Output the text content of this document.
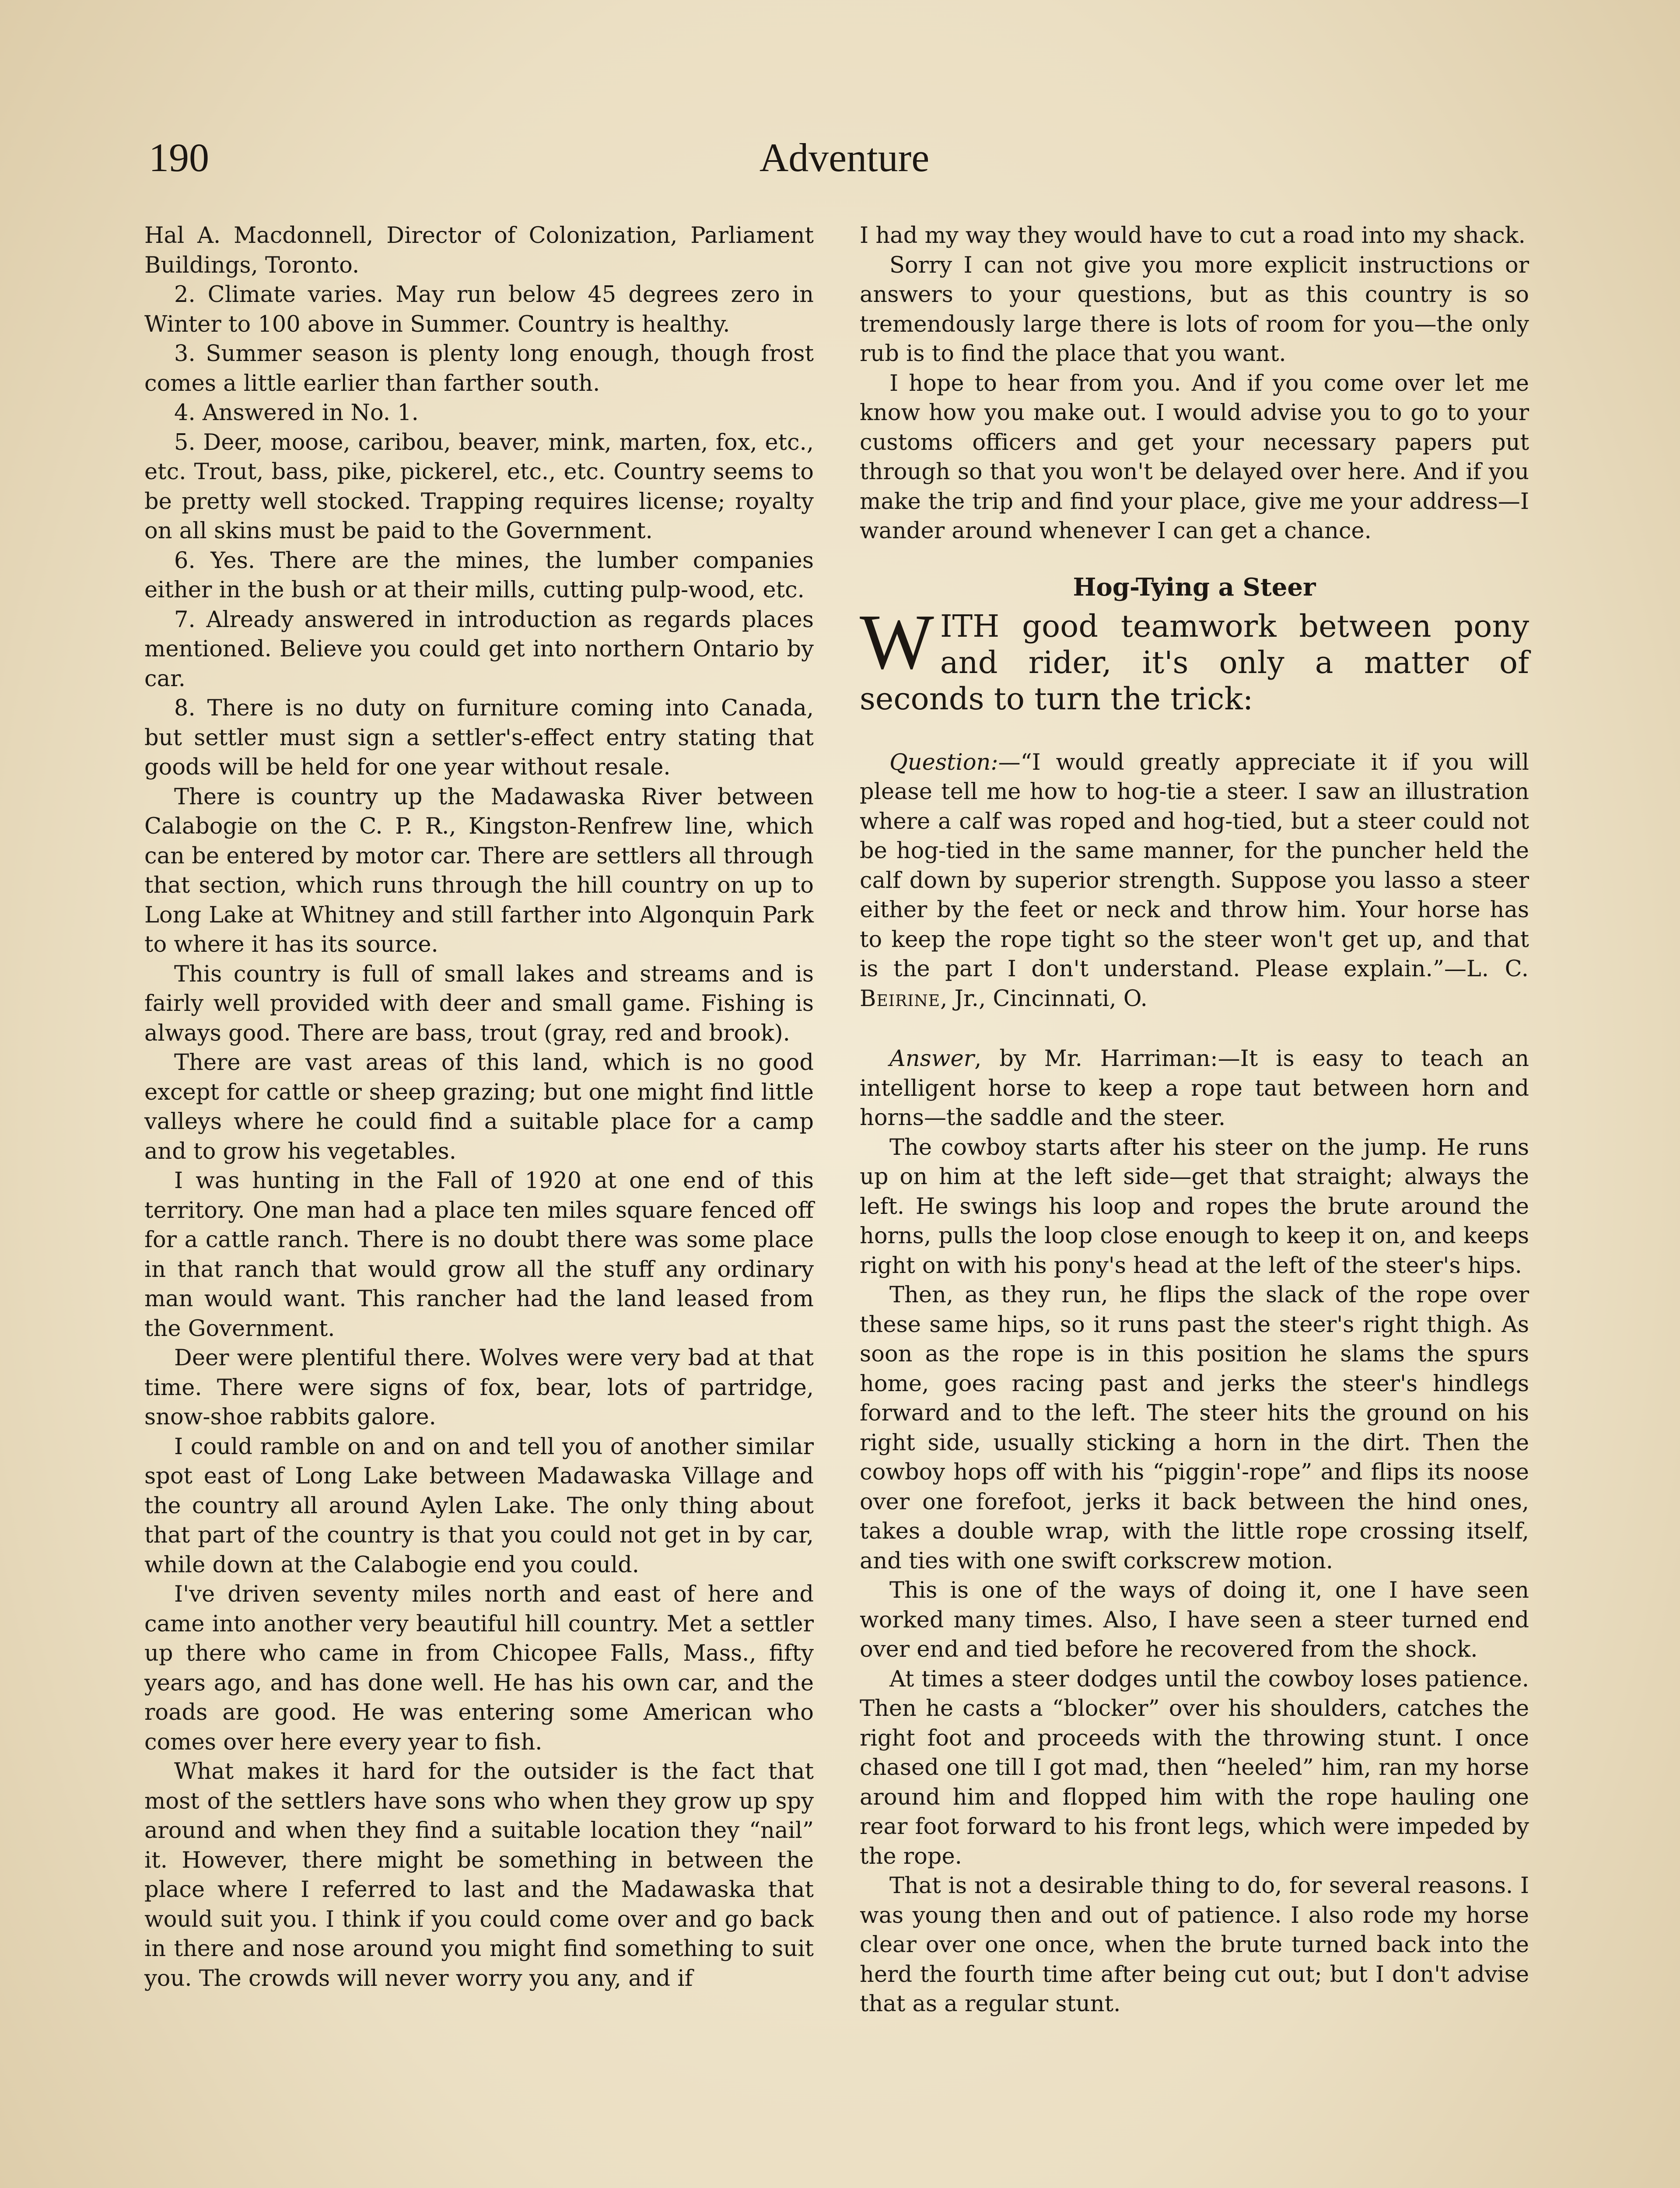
190	Adventure

Hal A. Macdonnell, Director of Colonization, Parliament Buildings, Toronto.

2. Climate varies. May run below 45 degrees zero in Winter to 100 above in Summer. Country is healthy.

3. Summer season is plenty long enough, though frost comes a little earlier than farther south.

4. Answered in No. 1.

5. Deer, moose, caribou, beaver, mink, marten, fox, etc., etc. Trout, bass, pike, pickerel, etc., etc. Country seems to be pretty well stocked. Trapping requires license; royalty on all skins must be paid to the Government.

6. Yes. There are the mines, the lumber companies either in the bush or at their mills, cutting pulp-wood, etc.

7. Already answered in introduction as regards places mentioned. Believe you could get into northern Ontario by car.

8. There is no duty on furniture coming into Canada, but settler must sign a settler's-effect entry stating that goods will be held for one year without resale.

There is country up the Madawaska River between Calabogie on the C. P. R., Kingston-Renfrew line, which can be entered by motor car. There are settlers all through that section, which runs through the hill country on up to Long Lake at Whitney and still farther into Algonquin Park to where it has its source.

This country is full of small lakes and streams and is fairly well provided with deer and small game. Fishing is always good. There are bass, trout (gray, red and brook).

There are vast areas of this land, which is no good except for cattle or sheep grazing; but one might find little valleys where he could find a suitable place for a camp and to grow his vegetables.

I was hunting in the Fall of 1920 at one end of this territory. One man had a place ten miles square fenced off for a cattle ranch. There is no doubt there was some place in that ranch that would grow all the stuff any ordinary man would want. This rancher had the land leased from the Government.

Deer were plentiful there. Wolves were very bad at that time. There were signs of fox, bear, lots of partridge, snow-shoe rabbits galore.

I could ramble on and on and tell you of another similar spot east of Long Lake between Madawaska Village and the country all around Aylen Lake. The only thing about that part of the country is that you could not get in by car, while down at the Calabogie end you could.

I've driven seventy miles north and east of here and came into another very beautiful hill country. Met a settler up there who came in from Chicopee Falls, Mass., fifty years ago, and has done well. He has his own car, and the roads are good. He was entering some American who comes over here every year to fish.

What makes it hard for the outsider is the fact that most of the settlers have sons who when they grow up spy around and when they find a suitable location they “nail” it. However, there might be something in between the place where I referred to last and the Madawaska that would suit you. I think if you could come over and go back in there and nose around you might find something to suit you. The crowds will never worry you any, and if

I had my way they would have to cut a road into my shack.

Sorry I can not give you more explicit instructions or answers to your questions, but as this country is so tremendously large there is lots of room for you—the only rub is to find the place that you want.

I hope to hear from you. And if you come over let me know how you make out. I would advise you to go to your customs officers and get your necessary papers put through so that you won't be delayed over here. And if you make the trip and find your place, give me your address—I wander around whenever I can get a chance.

Hog-Tying a Steer

WITH good teamwork between pony and rider, it's only a matter of seconds to turn the trick:

Question:—“I would greatly appreciate it if you will please tell me how to hog-tie a steer. I saw an illustration where a calf was roped and hog-tied, but a steer could not be hog-tied in the same manner, for the puncher held the calf down by superior strength. Suppose you lasso a steer either by the feet or neck and throw him. Your horse has to keep the rope tight so the steer won't get up, and that is the part I don't understand. Please explain.”—L. C. Beirine, Jr., Cincinnati, O.

Answer, by Mr. Harriman:—It is easy to teach an intelligent horse to keep a rope taut between horn and horns—the saddle and the steer.

The cowboy starts after his steer on the jump. He runs up on him at the left side—get that straight; always the left. He swings his loop and ropes the brute around the horns, pulls the loop close enough to keep it on, and keeps right on with his pony's head at the left of the steer's hips.

Then, as they run, he flips the slack of the rope over these same hips, so it runs past the steer's right thigh. As soon as the rope is in this position he slams the spurs home, goes racing past and jerks the steer's hindlegs forward and to the left. The steer hits the ground on his right side, usually sticking a horn in the dirt. Then the cowboy hops off with his “piggin'-rope” and flips its noose over one forefoot, jerks it back between the hind ones, takes a double wrap, with the little rope crossing itself, and ties with one swift corkscrew motion.

This is one of the ways of doing it, one I have seen worked many times. Also, I have seen a steer turned end over end and tied before he recovered from the shock.

At times a steer dodges until the cowboy loses patience. Then he casts a “blocker” over his shoulders, catches the right foot and proceeds with the throwing stunt. I once chased one till I got mad, then “heeled” him, ran my horse around him and flopped him with the rope hauling one rear foot forward to his front legs, which were impeded by the rope.

That is not a desirable thing to do, for several reasons. I was young then and out of patience. I also rode my horse clear over one once, when the brute turned back into the herd the fourth time after being cut out; but I don't advise that as a regular stunt.
